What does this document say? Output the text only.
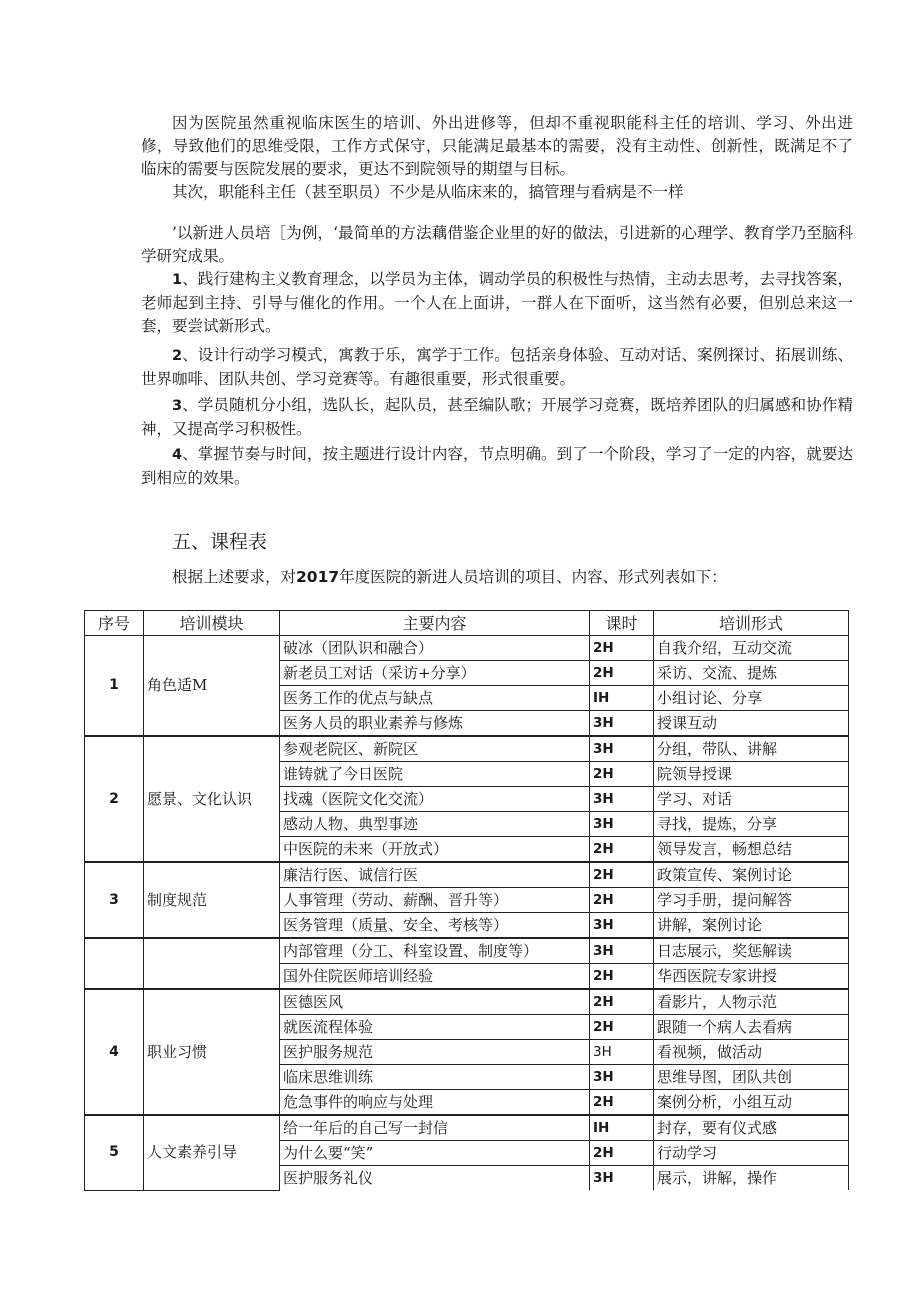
因为医院虽然重视临床医生的培训、外出进修等，但却不重视职能科主任的培训、学习、外出进修，导致他们的思维受限，工作方式保守，只能满足最基本的需要，没有主动性、创新性，既满足不了临床的需要与医院发展的要求，更达不到院领导的期望与目标。

其次，职能科主任（甚至职员）不少是从临床来的，搞管理与看病是不一样

’以新进人员培［为例，‘最简单的方法藕借鉴企业里的好的做法，引进新的心理学、教育学乃至脑科学研究成果。

1、践行建构主义教育理念，以学员为主体，调动学员的积极性与热情，主动去思考，去寻找答案，老师起到主持、引导与催化的作用。一个人在上面讲，一群人在下面听，这当然有必要，但别总来这一套，要尝试新形式。

2、设计行动学习模式，寓教于乐，寓学于工作。包括亲身体验、互动对话、案例探讨、拓展训练、世界咖啡、团队共创、学习竞赛等。有趣很重要，形式很重要。

3、学员随机分小组，选队长，起队员，甚至编队歌；开展学习竞赛，既培养团队的归属感和协作精神，又提高学习积极性。

4、掌握节奏与时间，按主题进行设计内容，节点明确。到了一个阶段，学习了一定的内容，就要达到相应的效果。

五、课程表

根据上述要求，对2017年度医院的新进人员培训的项目、内容、形式列表如下：

序号	培训模块	主要内容	课时	培训形式
1	角色适M	破冰（团队识和融合）	2H	自我介绍，互动交流
		新老员工对话（采访+分享）	2H	采访、交流、提炼
		医务工作的优点与缺点	IH	小组讨论、分享
		医务人员的职业素养与修炼	3H	授课互动
2	愿景、文化认识	参观老院区、新院区	3H	分组，带队、讲解
		谁铸就了今日医院	2H	院领导授课
		找魂（医院文化交流）	3H	学习、对话
		感动人物、典型事迹	3H	寻找，提炼，分享
		中医院的未来（开放式）	2H	领导发言，畅想总结
3	制度规范	廉洁行医、诚信行医	2H	政策宣传、案例讨论
		人事管理（劳动、薪酬、晋升等）	2H	学习手册，提问解答
		医务管理（质量、安全、考核等）	3H	讲解，案例讨论
		内部管理（分工、科室设置、制度等）	3H	日志展示，奖惩解读
		国外住院医师培训经验	2H	华西医院专家讲授
4	职业习惯	医德医风	2H	看影片，人物示范
		就医流程体验	2H	跟随一个病人去看病
		医护服务规范	3H	看视频，做活动
		临床思维训练	3H	思维导图，团队共创
		危急事件的响应与处理	2H	案例分析，小组互动
5	人文素养引导	给一年后的自己写一封信	IH	封存，要有仪式感
		为什么要“笑”	2H	行动学习
		医护服务礼仪	3H	展示，讲解，操作
